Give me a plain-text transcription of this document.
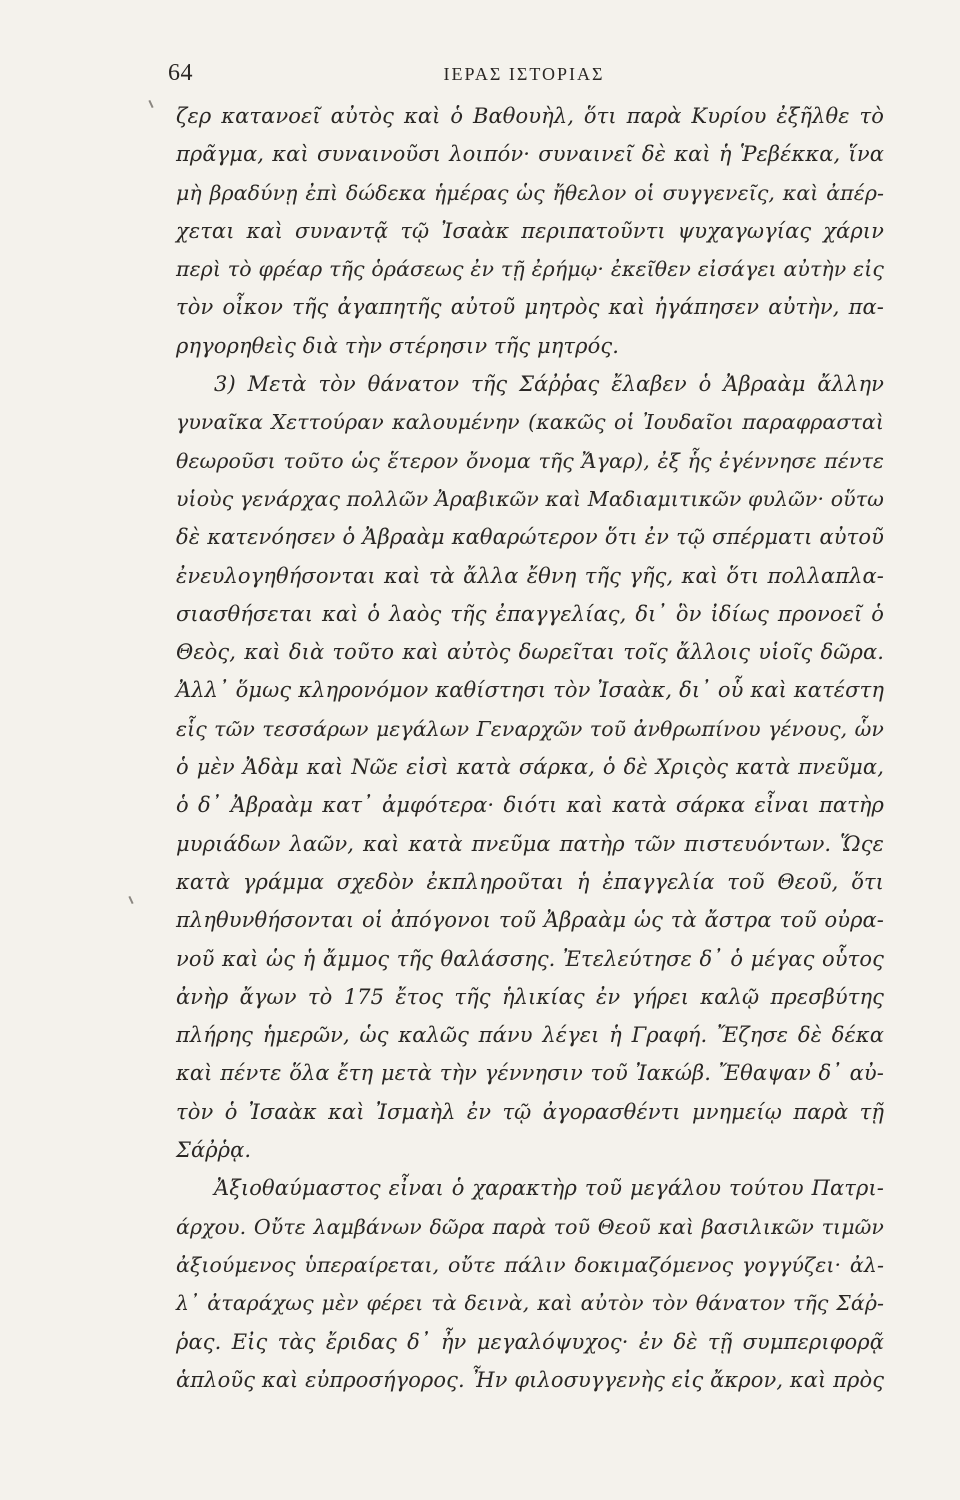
64	ΙΕΡΑΣ ΙΣΤΟΡΙΑΣ
ζερ κατανοεῖ αὐτὸς καὶ ὁ Βαθουὴλ, ὅτι παρὰ Κυρίου ἐξῆλθε τὸ
πρᾶγμα, καὶ συναινοῦσι λοιπόν· συναινεῖ δὲ καὶ ἡ Ῥεβέκκα, ἵνα
μὴ βραδύνῃ ἐπὶ δώδεκα ἡμέρας ὡς ἤθελον οἱ συγγενεῖς, καὶ ἀπέρ-
χεται καὶ συναντᾷ τῷ Ἰσαὰκ περιπατοῦντι ψυχαγωγίας χάριν
περὶ τὸ φρέαρ τῆς ὁράσεως ἐν τῇ ἐρήμῳ· ἐκεῖθεν εἰσάγει αὐτὴν εἰς
τὸν οἶκον τῆς ἀγαπητῆς αὐτοῦ μητρὸς καὶ ἠγάπησεν αὐτὴν, πα-
ρηγορηθεὶς διὰ τὴν στέρησιν τῆς μητρός.
3) Μετὰ τὸν θάνατον τῆς Σάῤῥας ἔλαβεν ὁ Ἀβραὰμ ἄλλην
γυναῖκα Χεττούραν καλουμένην (κακῶς οἱ Ἰουδαῖοι παραφρασταὶ
θεωροῦσι τοῦτο ὡς ἕτερον ὄνομα τῆς Ἄγαρ), ἐξ ἧς ἐγέννησε πέντε
υἱοὺς γενάρχας πολλῶν Ἀραβικῶν καὶ Μαδιαμιτικῶν φυλῶν· οὕτω
δὲ κατενόησεν ὁ Ἀβραὰμ καθαρώτερον ὅτι ἐν τῷ σπέρματι αὐτοῦ
ἐνευλογηθήσονται καὶ τὰ ἄλλα ἔθνη τῆς γῆς, καὶ ὅτι πολλαπλα-
σιασθήσεται καὶ ὁ λαὸς τῆς ἐπαγγελίας, δι᾽ ὃν ἰδίως προνοεῖ ὁ
Θεὸς, καὶ διὰ τοῦτο καὶ αὐτὸς δωρεῖται τοῖς ἄλλοις υἱοῖς δῶρα.
Ἀλλ᾽ ὅμως κληρονόμον καθίστησι τὸν Ἰσαὰκ, δι᾽ οὗ καὶ κατέστη
εἷς τῶν τεσσάρων μεγάλων Γεναρχῶν τοῦ ἀνθρωπίνου γένους, ὧν
ὁ μὲν Ἀδὰμ καὶ Νῶε εἰσὶ κατὰ σάρκα, ὁ δὲ Χριςὸς κατὰ πνεῦμα,
ὁ δ᾽ Ἀβραὰμ κατ᾽ ἀμφότερα· διότι καὶ κατὰ σάρκα εἶναι πατὴρ
μυριάδων λαῶν, καὶ κατὰ πνεῦμα πατὴρ τῶν πιστευόντων. Ὥςε
κατὰ γράμμα σχεδὸν ἐκπληροῦται ἡ ἐπαγγελία τοῦ Θεοῦ, ὅτι
πληθυνθήσονται οἱ ἀπόγονοι τοῦ Ἀβραὰμ ὡς τὰ ἄστρα τοῦ οὐρα-
νοῦ καὶ ὡς ἡ ἄμμος τῆς θαλάσσης. Ἐτελεύτησε δ᾽ ὁ μέγας οὗτος
ἀνὴρ ἄγων τὸ 175 ἔτος τῆς ἡλικίας ἐν γήρει καλῷ πρεσβύτης
πλήρης ἡμερῶν, ὡς καλῶς πάνυ λέγει ἡ Γραφή. Ἔζησε δὲ δέκα
καὶ πέντε ὅλα ἔτη μετὰ τὴν γέννησιν τοῦ Ἰακώβ. Ἔθαψαν δ᾽ αὐ-
τὸν ὁ Ἰσαὰκ καὶ Ἰσμαὴλ ἐν τῷ ἀγορασθέντι μνημείῳ παρὰ τῇ
Σάῤῥᾳ.
Ἀξιοθαύμαστος εἶναι ὁ χαρακτὴρ τοῦ μεγάλου τούτου Πατρι-
άρχου. Οὔτε λαμβάνων δῶρα παρὰ τοῦ Θεοῦ καὶ βασιλικῶν τιμῶν
ἀξιούμενος ὑπεραίρεται, οὔτε πάλιν δοκιμαζόμενος γογγύζει· ἀλ-
λ᾽ ἀταράχως μὲν φέρει τὰ δεινὰ, καὶ αὐτὸν τὸν θάνατον τῆς Σάῤ-
ῥας. Εἰς τὰς ἔριδας δ᾽ ἦν μεγαλόψυχος· ἐν δὲ τῇ συμπεριφορᾷ
ἁπλοῦς καὶ εὐπροσήγορος. Ἦν φιλοσυγγενὴς εἰς ἄκρον, καὶ πρὸς
